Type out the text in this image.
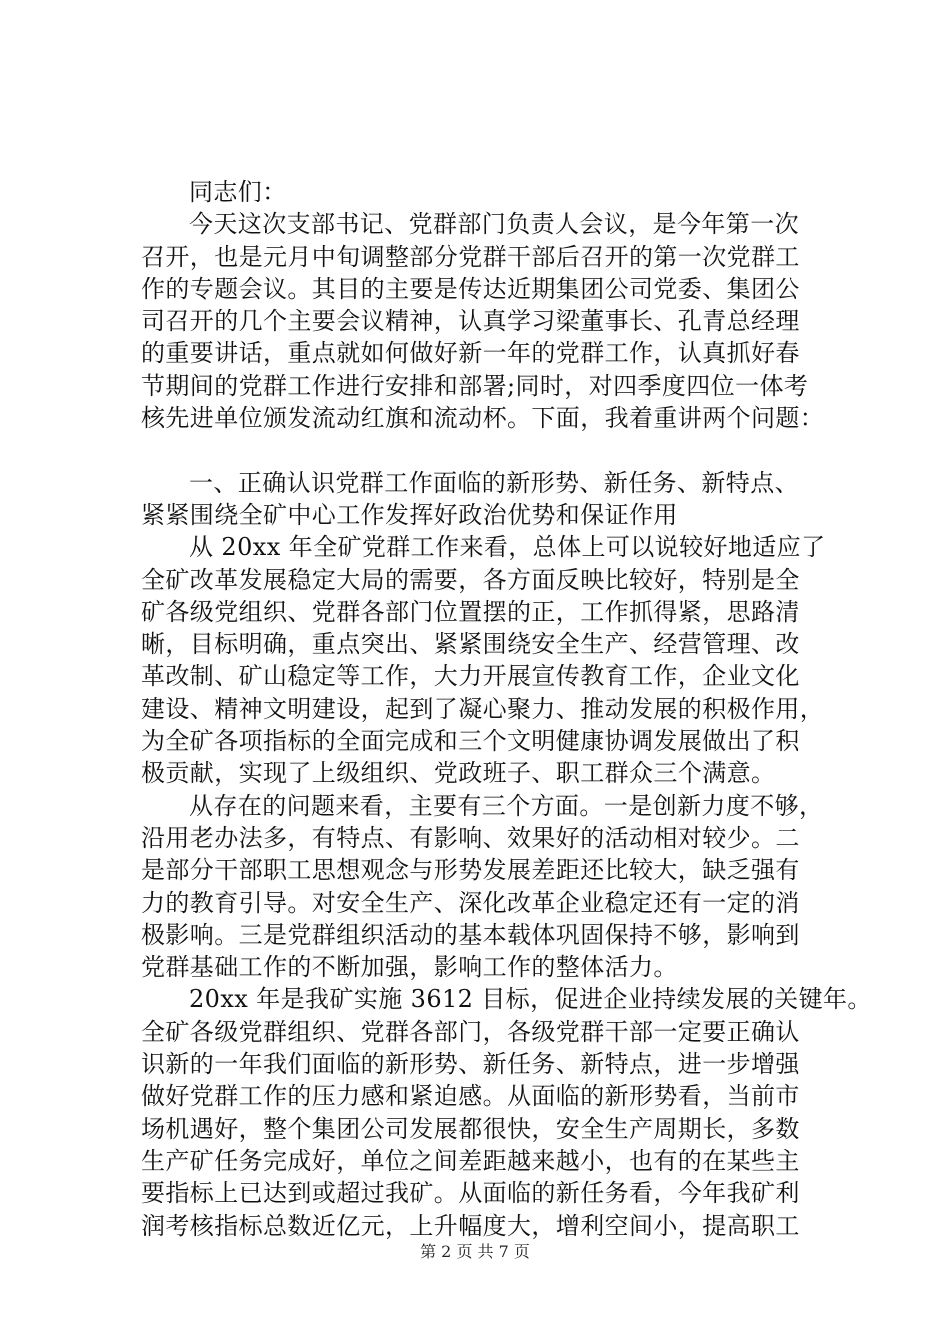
同志们：
今天这次支部书记、党群部门负责人会议，是今年第一次
召开，也是元月中旬调整部分党群干部后召开的第一次党群工
作的专题会议。其目的主要是传达近期集团公司党委、集团公
司召开的几个主要会议精神，认真学习梁董事长、孔青总经理
的重要讲话，重点就如何做好新一年的党群工作，认真抓好春
节期间的党群工作进行安排和部署;同时，对四季度四位一体考
核先进单位颁发流动红旗和流动杯。下面，我着重讲两个问题：
一、正确认识党群工作面临的新形势、新任务、新特点、
紧紧围绕全矿中心工作发挥好政治优势和保证作用
从 20xx 年全矿党群工作来看，总体上可以说较好地适应了
全矿改革发展稳定大局的需要，各方面反映比较好，特别是全
矿各级党组织、党群各部门位置摆的正，工作抓得紧，思路清
晰，目标明确，重点突出、紧紧围绕安全生产、经营管理、改
革改制、矿山稳定等工作，大力开展宣传教育工作，企业文化
建设、精神文明建设，起到了凝心聚力、推动发展的积极作用，
为全矿各项指标的全面完成和三个文明健康协调发展做出了积
极贡献，实现了上级组织、党政班子、职工群众三个满意。
从存在的问题来看，主要有三个方面。一是创新力度不够，
沿用老办法多，有特点、有影响、效果好的活动相对较少。二
是部分干部职工思想观念与形势发展差距还比较大，缺乏强有
力的教育引导。对安全生产、深化改革企业稳定还有一定的消
极影响。三是党群组织活动的基本载体巩固保持不够，影响到
党群基础工作的不断加强，影响工作的整体活力。
20xx 年是我矿实施 3612 目标，促进企业持续发展的关键年。
全矿各级党群组织、党群各部门，各级党群干部一定要正确认
识新的一年我们面临的新形势、新任务、新特点，进一步增强
做好党群工作的压力感和紧迫感。从面临的新形势看，当前市
场机遇好，整个集团公司发展都很快，安全生产周期长，多数
生产矿任务完成好，单位之间差距越来越小，也有的在某些主
要指标上已达到或超过我矿。从面临的新任务看，今年我矿利
润考核指标总数近亿元，上升幅度大，增利空间小，提高职工
第 2 页 共 7 页
